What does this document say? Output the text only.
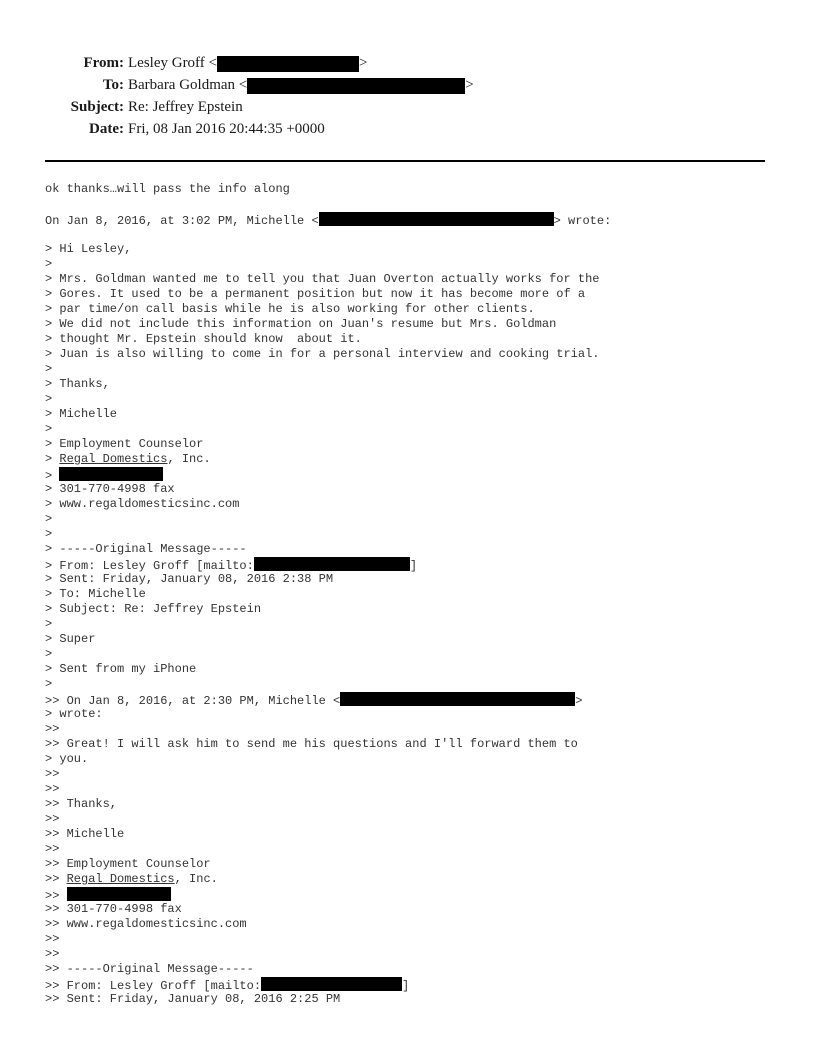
From: Lesley Groff <	>
To: Barbara Goldman <	>
Subject: Re: Jeffrey Epstein
Date: Fri, 08 Jan 2016 20:44:35 +0000
ok thanks…will pass the info along
On Jan 8, 2016, at 3:02 PM, Michelle <	> wrote:
> Hi Lesley,
>
> Mrs. Goldman wanted me to tell you that Juan Overton actually works for the
> Gores. It used to be a permanent position but now it has become more of a
> par time/on call basis while he is also working for other clients.
> We did not include this information on Juan's resume but Mrs. Goldman
> thought Mr. Epstein should know  about it.
> Juan is also willing to come in for a personal interview and cooking trial.
>
> Thanks,
>
> Michelle
>
> Employment Counselor
> Regal Domestics, Inc.
>
> 301-770-4998 fax
> www.regaldomesticsinc.com
>
>
> -----Original Message-----
> From: Lesley Groff [mailto:	]
> Sent: Friday, January 08, 2016 2:38 PM
> To: Michelle
> Subject: Re: Jeffrey Epstein
>
> Super
>
> Sent from my iPhone
>
>> On Jan 8, 2016, at 2:30 PM, Michelle <	>
> wrote:
>>
>> Great! I will ask him to send me his questions and I'll forward them to
> you.
>>
>>
>> Thanks,
>>
>> Michelle
>>
>> Employment Counselor
>> Regal Domestics, Inc.
>>
>> 301-770-4998 fax
>> www.regaldomesticsinc.com
>>
>>
>> -----Original Message-----
>> From: Lesley Groff [mailto:	]
>> Sent: Friday, January 08, 2016 2:25 PM
